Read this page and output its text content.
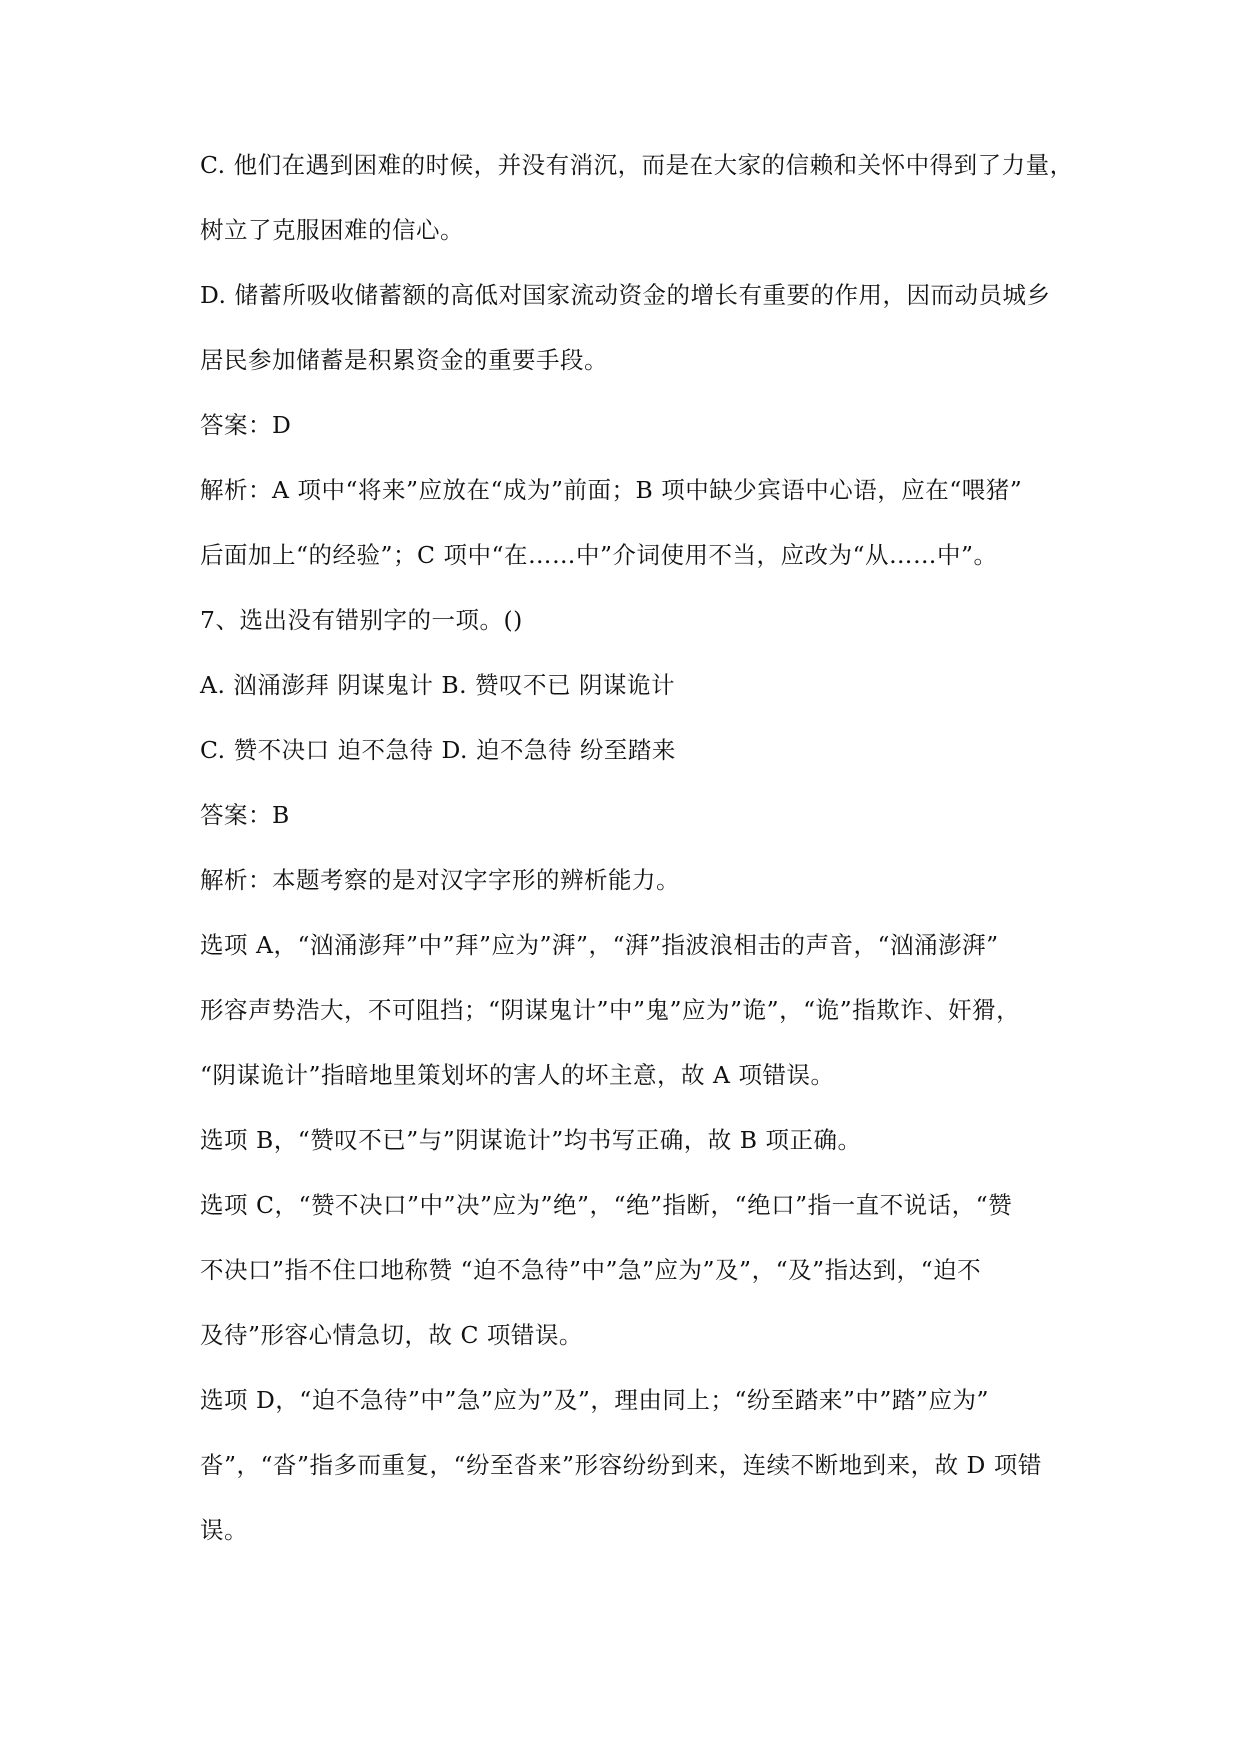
C. 他们在遇到困难的时候，并没有消沉，而是在大家的信赖和关怀中得到了力量，
树立了克服困难的信心。
D. 储蓄所吸收储蓄额的高低对国家流动资金的增长有重要的作用，因而动员城乡
居民参加储蓄是积累资金的重要手段。
答案：D
解析：A 项中“将来”应放在“成为”前面；B 项中缺少宾语中心语，应在“喂猪”
后面加上“的经验”；C 项中“在……中”介词使用不当，应改为“从……中”。
7、选出没有错别字的一项。()
A. 汹涌澎拜 阴谋鬼计 B. 赞叹不已 阴谋诡计
C. 赞不决口 迫不急待 D. 迫不急待 纷至踏来
答案：B
解析：本题考察的是对汉字字形的辨析能力。
选项 A，“汹涌澎拜”中”拜”应为”湃”，“湃”指波浪相击的声音，“汹涌澎湃”
形容声势浩大，不可阻挡；“阴谋鬼计”中”鬼”应为”诡”，“诡”指欺诈、奸猾，
“阴谋诡计”指暗地里策划坏的害人的坏主意，故 A 项错误。
选项 B，“赞叹不已”与”阴谋诡计”均书写正确，故 B 项正确。
选项 C，“赞不决口”中”决”应为”绝”，“绝”指断，“绝口”指一直不说话，“赞
不决口”指不住口地称赞 “迫不急待”中”急”应为”及”，“及”指达到，“迫不
及待”形容心情急切，故 C 项错误。
选项 D，“迫不急待”中”急”应为”及”，理由同上；“纷至踏来”中”踏”应为”
沓”，“沓”指多而重复，“纷至沓来”形容纷纷到来，连续不断地到来，故 D 项错
误。
